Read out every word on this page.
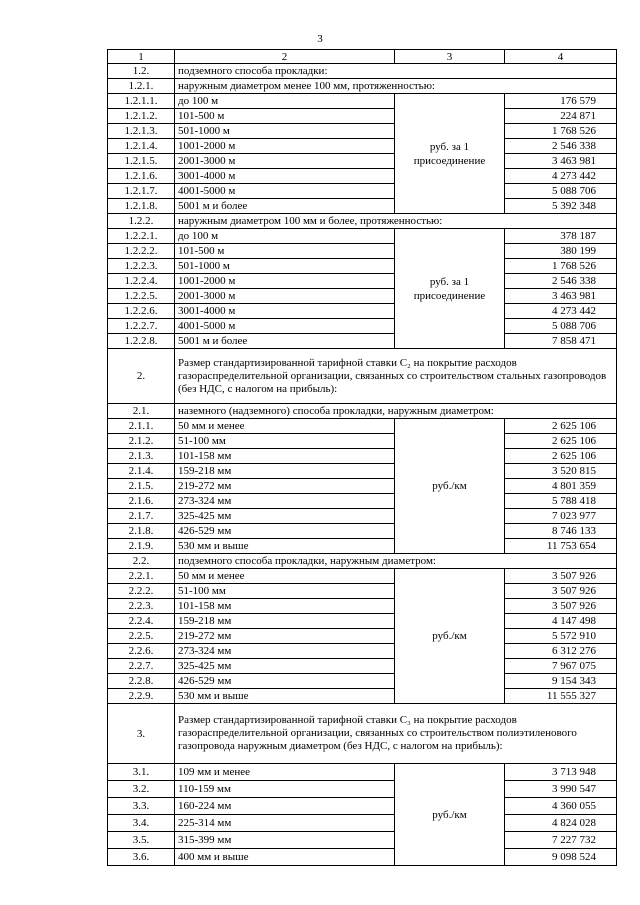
3
1	2	3	4
1.2.	подземного способа прокладки:		
1.2.1.	наружным диаметром менее 100 мм, протяженностью:		
1.2.1.1.	до 100 м	руб. за 1 присоединение	176 579
1.2.1.2.	101-500 м		224 871
1.2.1.3.	501-1000 м		1 768 526
1.2.1.4.	1001-2000 м		2 546 338
1.2.1.5.	2001-3000 м		3 463 981
1.2.1.6.	3001-4000 м		4 273 442
1.2.1.7.	4001-5000 м		5 088 706
1.2.1.8.	5001 м и более		5 392 348
1.2.2.	наружным диаметром 100 мм и более, протяженностью:		
1.2.2.1.	до 100 м	руб. за 1 присоединение	378 187
1.2.2.2.	101-500 м		380 199
1.2.2.3.	501-1000 м		1 768 526
1.2.2.4.	1001-2000 м		2 546 338
1.2.2.5.	2001-3000 м		3 463 981
1.2.2.6.	3001-4000 м		4 273 442
1.2.2.7.	4001-5000 м		5 088 706
1.2.2.8.	5001 м и более		7 858 471
2.	Размер стандартизированной тарифной ставки C₂ на покрытие расходов газораспределительной организации, связанных со строительством стальных газопроводов (без НДС, с налогом на прибыль):		
2.1.	наземного (надземного) способа прокладки, наружным диаметром:		
2.1.1.	50 мм и менее	руб./км	2 625 106
2.1.2.	51-100 мм		2 625 106
2.1.3.	101-158 мм		2 625 106
2.1.4.	159-218 мм		3 520 815
2.1.5.	219-272 мм		4 801 359
2.1.6.	273-324 мм		5 788 418
2.1.7.	325-425 мм		7 023 977
2.1.8.	426-529 мм		8 746 133
2.1.9.	530 мм и выше		11 753 654
2.2.	подземного способа прокладки, наружным диаметром:		
2.2.1.	50 мм и менее	руб./км	3 507 926
2.2.2.	51-100 мм		3 507 926
2.2.3.	101-158 мм		3 507 926
2.2.4.	159-218 мм		4 147 498
2.2.5.	219-272 мм		5 572 910
2.2.6.	273-324 мм		6 312 276
2.2.7.	325-425 мм		7 967 075
2.2.8.	426-529 мм		9 154 343
2.2.9.	530 мм и выше		11 555 327
3.	Размер стандартизированной тарифной ставки C₃ на покрытие расходов газораспределительной организации, связанных со строительством полиэтиленового газопровода наружным диаметром (без НДС, с налогом на прибыль):		
3.1.	109 мм и менее	руб./км	3 713 948
3.2.	110-159 мм		3 990 547
3.3.	160-224 мм		4 360 055
3.4.	225-314 мм		4 824 028
3.5.	315-399 мм		7 227 732
3.6.	400 мм и выше		9 098 524
